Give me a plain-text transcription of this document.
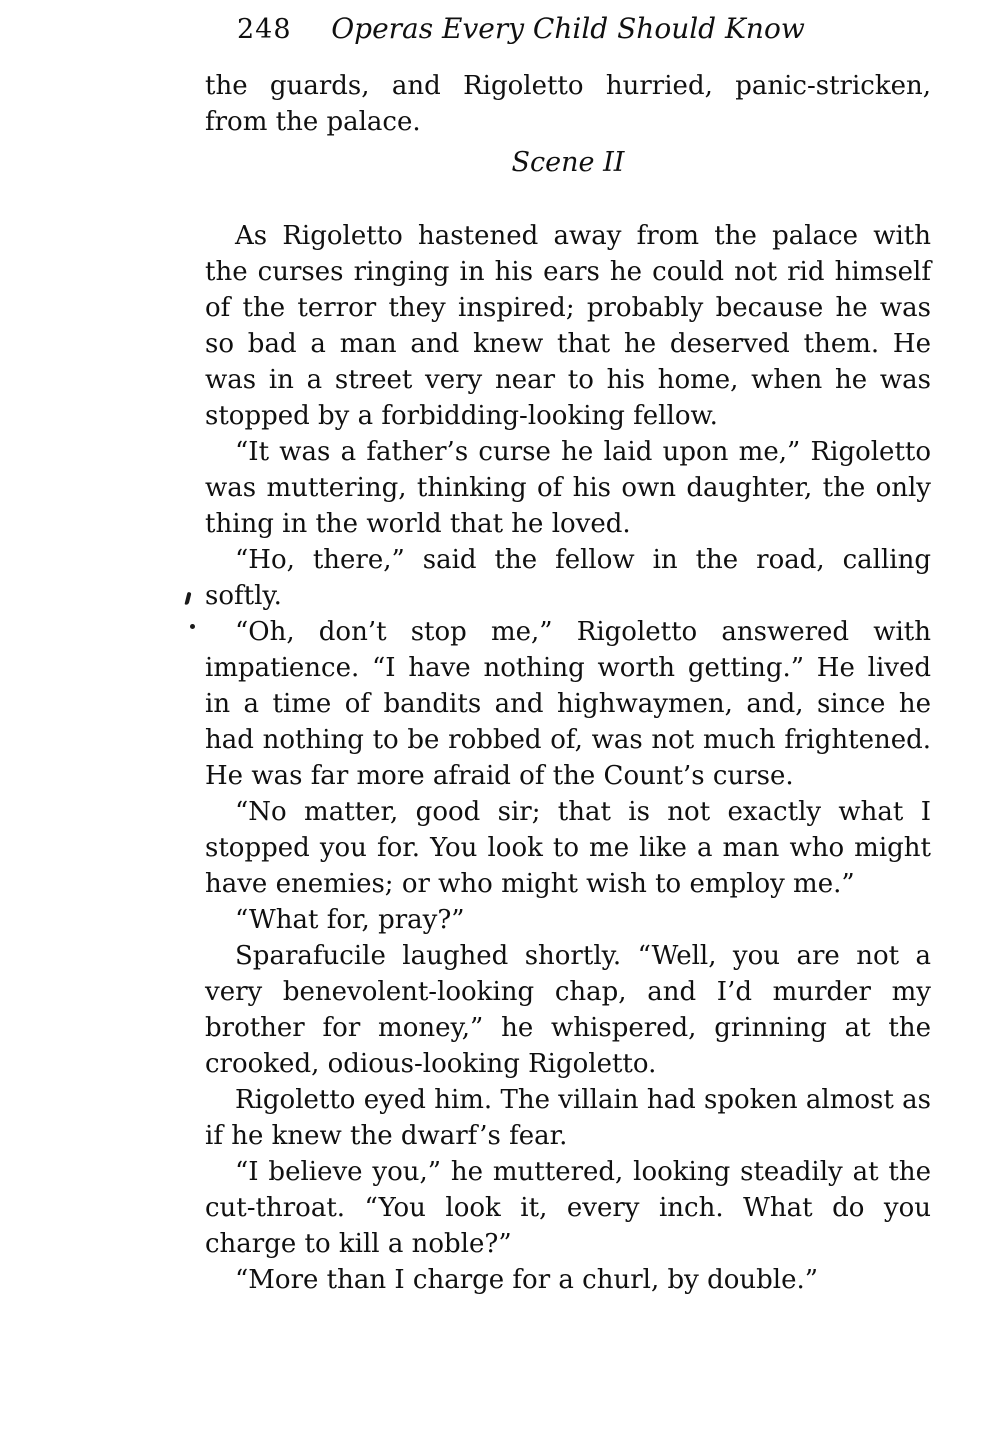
248	Operas Every Child Should Know

the guards, and Rigoletto hurried, panic-stricken, from the palace.

Scene II

As Rigoletto hastened away from the palace with the curses ringing in his ears he could not rid himself of the terror they inspired; probably because he was so bad a man and knew that he deserved them. He was in a street very near to his home, when he was stopped by a forbidding-looking fellow.

“It was a father’s curse he laid upon me,” Rigoletto was muttering, thinking of his own daughter, the only thing in the world that he loved.

“Ho, there,” said the fellow in the road, calling softly.

“Oh, don’t stop me,” Rigoletto answered with impatience. “I have nothing worth getting.” He lived in a time of bandits and highwaymen, and, since he had nothing to be robbed of, was not much frightened. He was far more afraid of the Count’s curse.

“No matter, good sir; that is not exactly what I stopped you for. You look to me like a man who might have enemies; or who might wish to employ me.”

“What for, pray?”

Sparafucile laughed shortly. “Well, you are not a very benevolent-looking chap, and I’d murder my brother for money,” he whispered, grinning at the crooked, odious-looking Rigoletto.

Rigoletto eyed him. The villain had spoken almost as if he knew the dwarf’s fear.

“I believe you,” he muttered, looking steadily at the cut-throat. “You look it, every inch. What do you charge to kill a noble?”

“More than I charge for a churl, by double.”
